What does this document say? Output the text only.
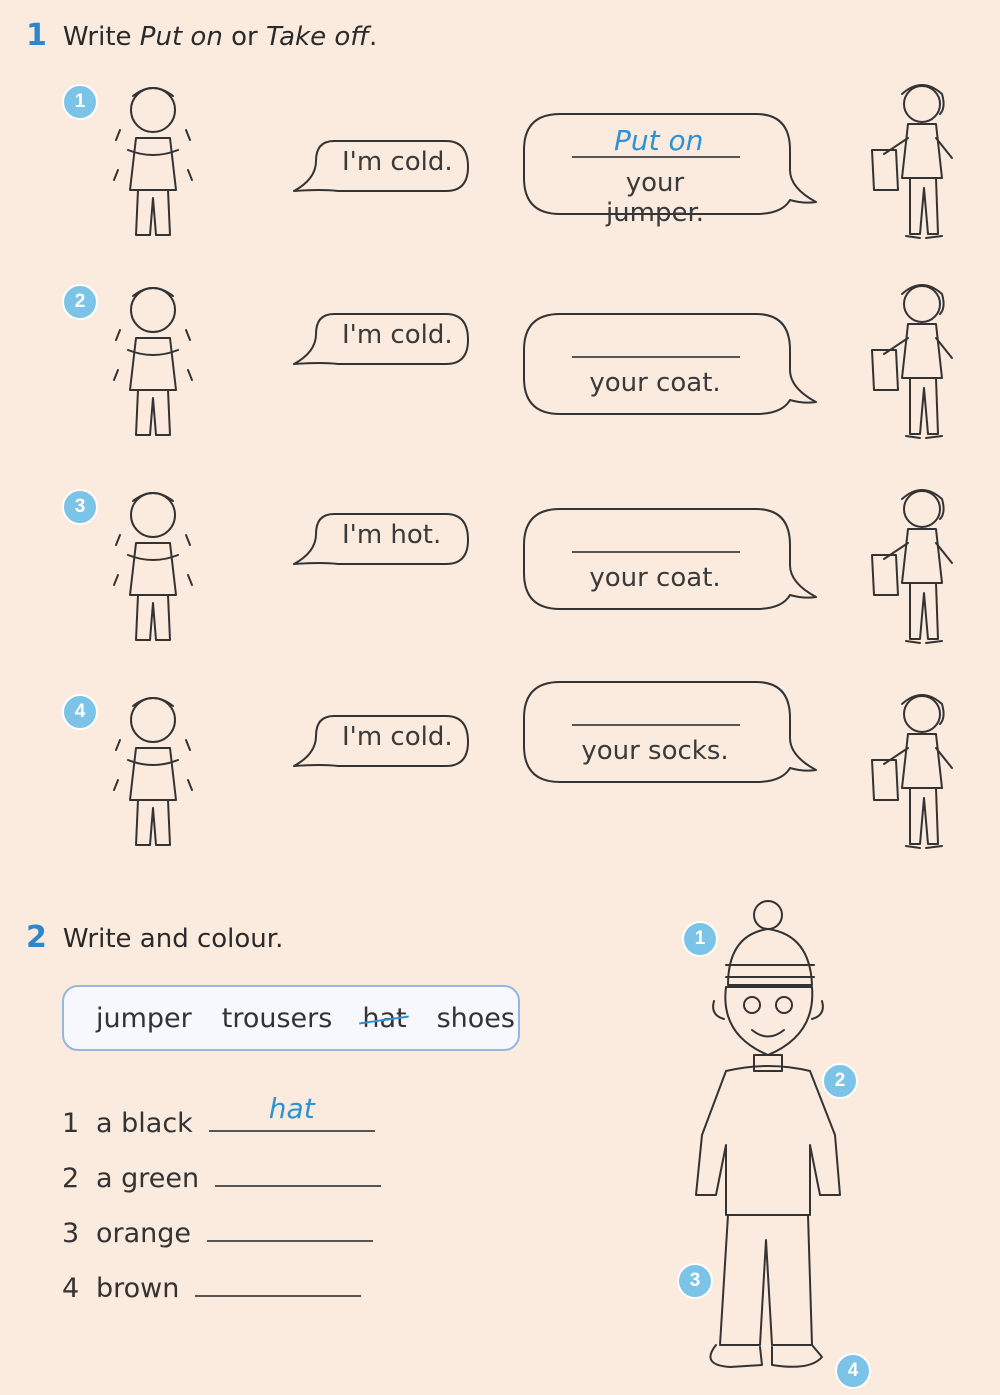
1 Write Put on or Take off.
1
I'm cold.
Put on
your jumper.
2
I'm cold.
your coat.
3
I'm hot.
your coat.
4
I'm cold.	your socks.
2 Write and colour.
jumper trousers hat shoes
1 a black	hat
2 a green
3 orange
4 brown
1
2
3
4
